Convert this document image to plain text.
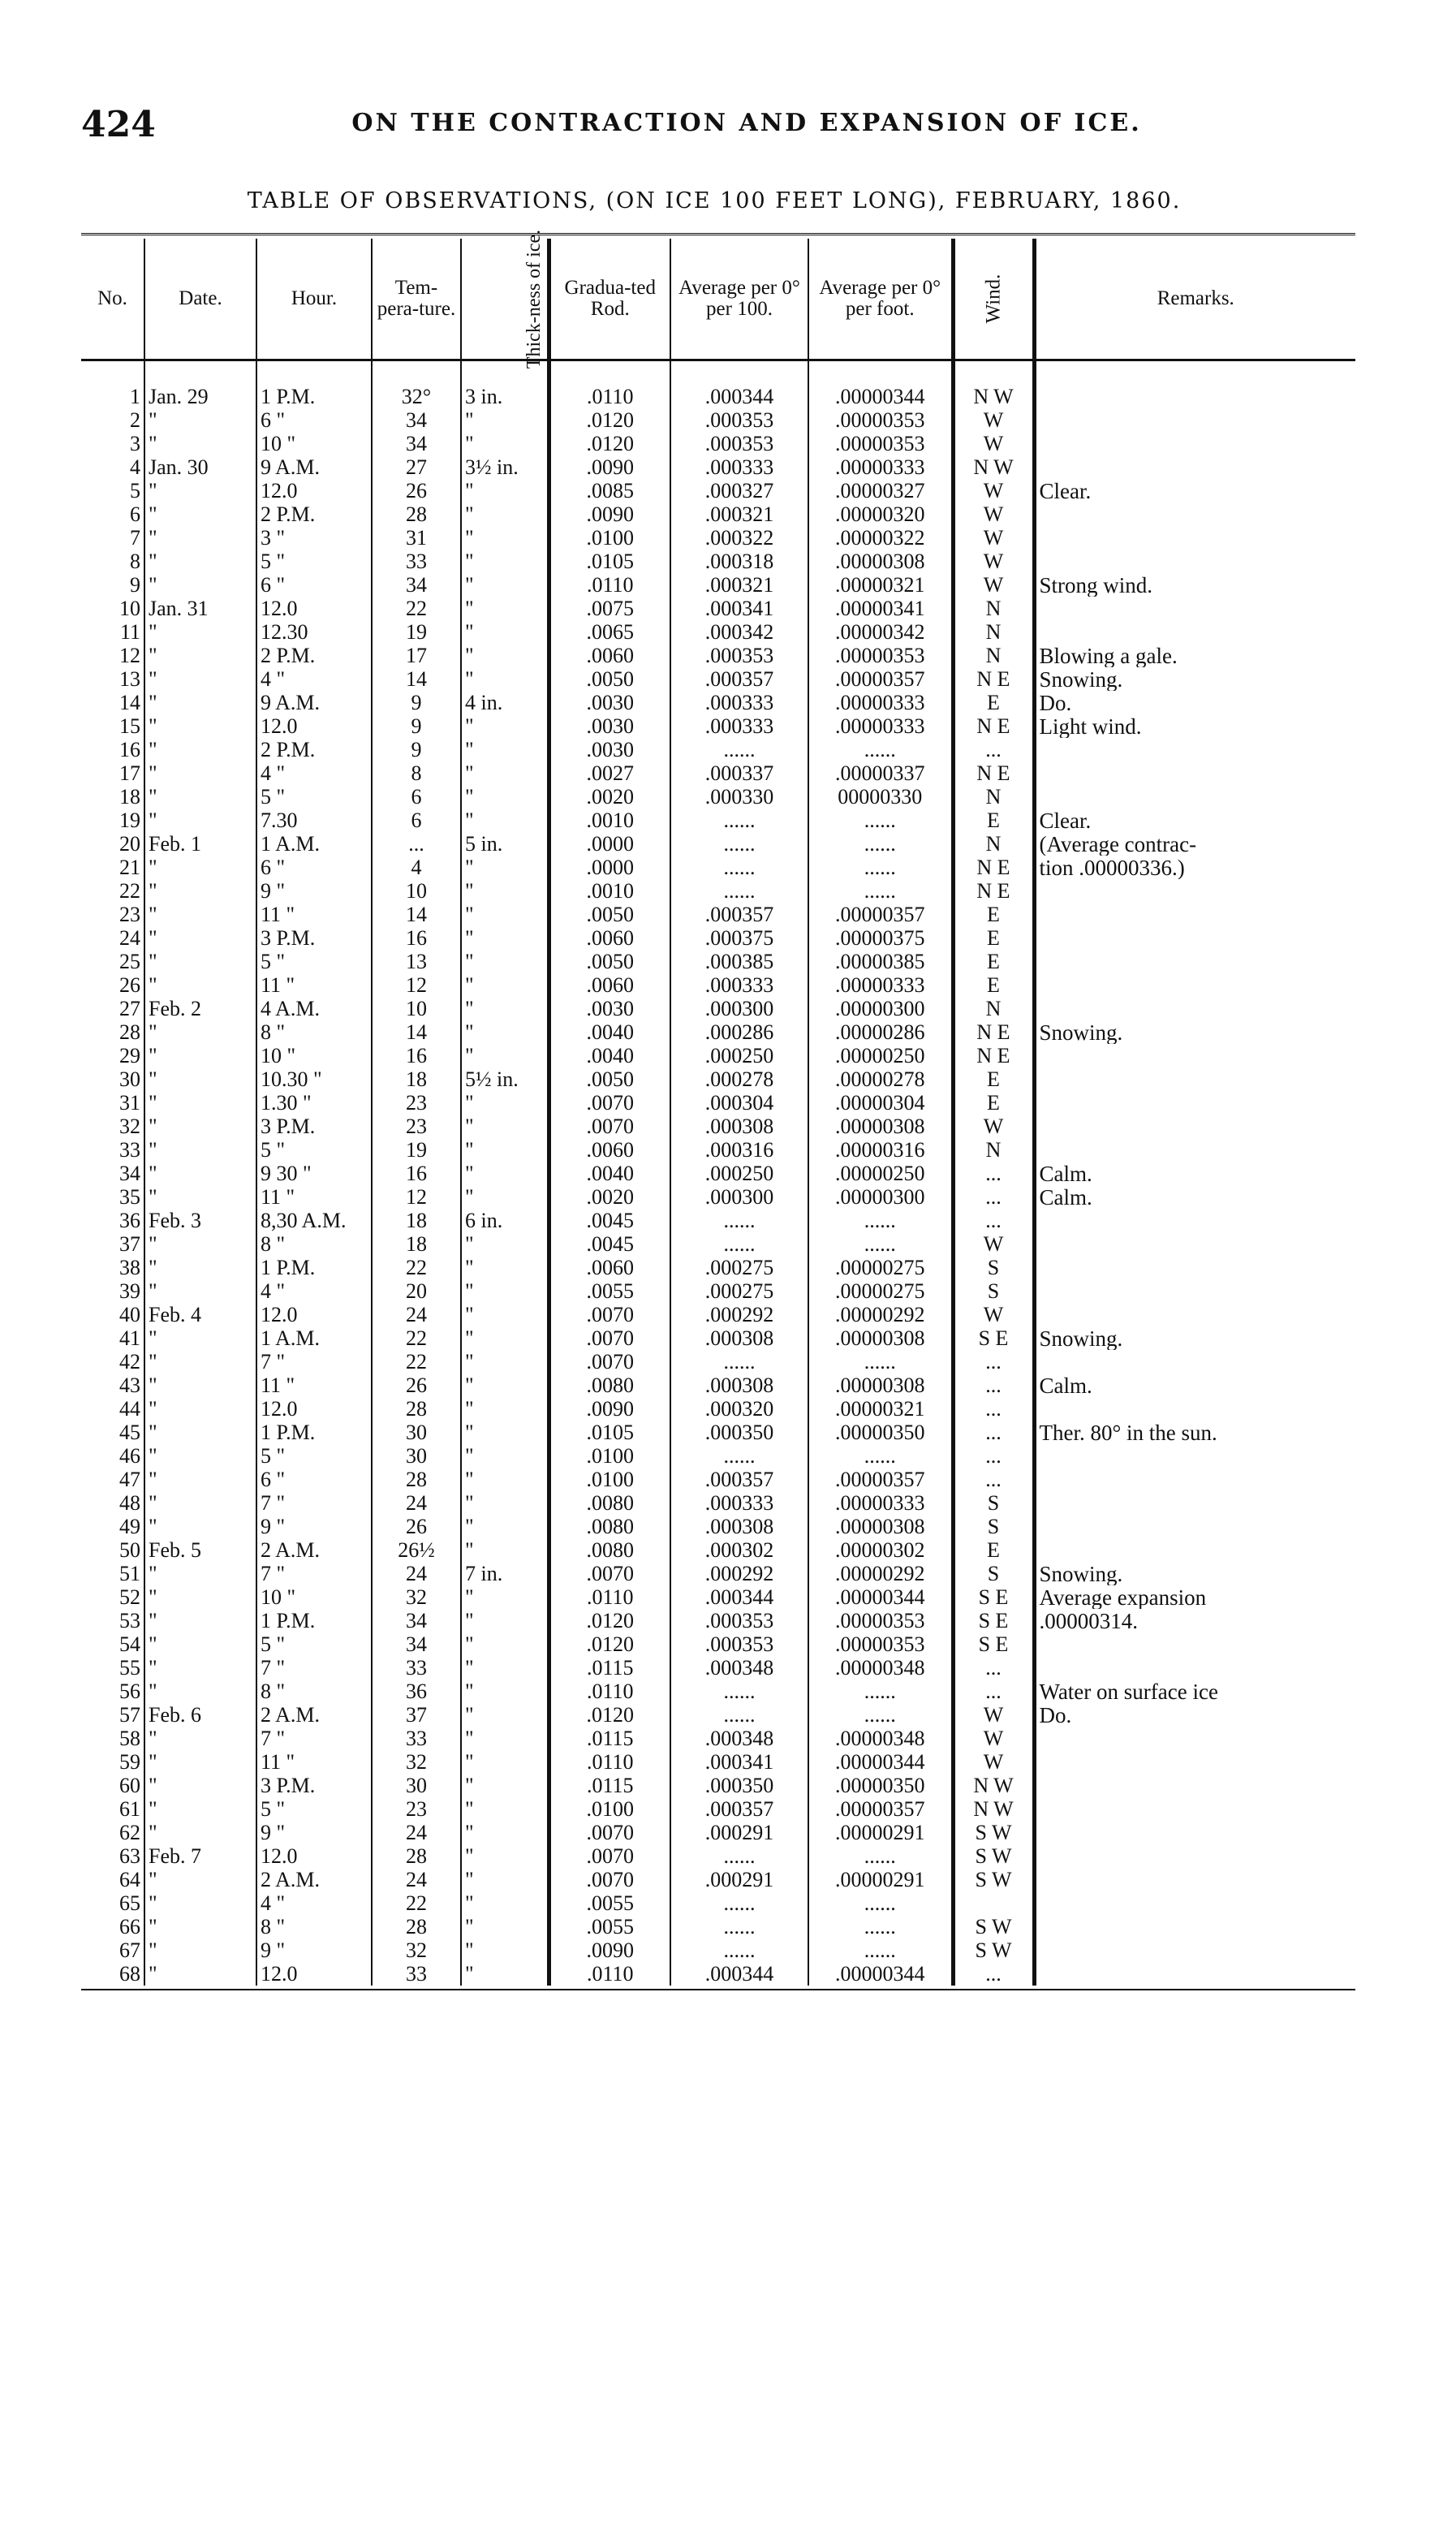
424	ON THE CONTRACTION AND EXPANSION OF ICE.
TABLE OF OBSERVATIONS, (ON ICE 100 FEET LONG), FEBRUARY, 1860.
No.	Date.	Hour.	Tem-pera-ture.	Thick-ness of ice.	Gradua-ted Rod.	Average per 0° per 100.	Average per 0° per foot.	Wind.	Remarks.

1	Jan. 29	1 P.M.	32°	3 in.	.0110	.000344	.00000344	N W	
2	"	6 "	34	"	.0120	.000353	.00000353	W	
3	"	10 "	34	"	.0120	.000353	.00000353	W	
4	Jan. 30	9 A.M.	27	3½ in.	.0090	.000333	.00000333	N W	
5	"	12.0	26	"	.0085	.000327	.00000327	W	Clear.
6	"	2 P.M.	28	"	.0090	.000321	.00000320	W	
7	"	3 "	31	"	.0100	.000322	.00000322	W	
8	"	5 "	33	"	.0105	.000318	.00000308	W	
9	"	6 "	34	"	.0110	.000321	.00000321	W	Strong wind.
10	Jan. 31	12.0	22	"	.0075	.000341	.00000341	N	
11	"	12.30	19	"	.0065	.000342	.00000342	N	
12	"	2 P.M.	17	"	.0060	.000353	.00000353	N	Blowing a gale.
13	"	4 "	14	"	.0050	.000357	.00000357	N E	Snowing.
14	"	9 A.M.	9	4 in.	.0030	.000333	.00000333	E	Do.
15	"	12.0	9	"	.0030	.000333	.00000333	N E	Light wind.
16	"	2 P.M.	9	"	.0030	......	......	...	
17	"	4 "	8	"	.0027	.000337	.00000337	N E	
18	"	5 "	6	"	.0020	.000330	00000330	N	
19	"	7.30	6	"	.0010	......	......	E	Clear.
20	Feb. 1	1 A.M.	...	5 in.	.0000	......	......	N	(Average contrac-
21	"	6 "	4	"	.0000	......	......	N E	tion .00000336.)
22	"	9 "	10	"	.0010	......	......	N E	
23	"	11 "	14	"	.0050	.000357	.00000357	E	
24	"	3 P.M.	16	"	.0060	.000375	.00000375	E	
25	"	5 "	13	"	.0050	.000385	.00000385	E	
26	"	11 "	12	"	.0060	.000333	.00000333	E	
27	Feb. 2	4 A.M.	10	"	.0030	.000300	.00000300	N	
28	"	8 "	14	"	.0040	.000286	.00000286	N E	Snowing.
29	"	10 "	16	"	.0040	.000250	.00000250	N E	
30	"	10.30 "	18	5½ in.	.0050	.000278	.00000278	E	
31	"	1.30 "	23	"	.0070	.000304	.00000304	E	
32	"	3 P.M.	23	"	.0070	.000308	.00000308	W	
33	"	5 "	19	"	.0060	.000316	.00000316	N	
34	"	9 30 "	16	"	.0040	.000250	.00000250	...	Calm.
35	"	11 "	12	"	.0020	.000300	.00000300	...	Calm.
36	Feb. 3	8,30 A.M.	18	6 in.	.0045	......	......	...	
37	"	8 "	18	"	.0045	......	......	W	
38	"	1 P.M.	22	"	.0060	.000275	.00000275	S	
39	"	4 "	20	"	.0055	.000275	.00000275	S	
40	Feb. 4	12.0	24	"	.0070	.000292	.00000292	W	
41	"	1 A.M.	22	"	.0070	.000308	.00000308	S E	Snowing.
42	"	7 "	22	"	.0070	......	......	...	
43	"	11 "	26	"	.0080	.000308	.00000308	...	Calm.
44	"	12.0	28	"	.0090	.000320	.00000321	...	
45	"	1 P.M.	30	"	.0105	.000350	.00000350	...	Ther. 80° in the sun.
46	"	5 "	30	"	.0100	......	......	...	
47	"	6 "	28	"	.0100	.000357	.00000357	...	
48	"	7 "	24	"	.0080	.000333	.00000333	S	
49	"	9 "	26	"	.0080	.000308	.00000308	S	
50	Feb. 5	2 A.M.	26½	"	.0080	.000302	.00000302	E	
51	"	7 "	24	7 in.	.0070	.000292	.00000292	S	Snowing.
52	"	10 "	32	"	.0110	.000344	.00000344	S E	Average expansion
53	"	1 P.M.	34	"	.0120	.000353	.00000353	S E	.00000314.
54	"	5 "	34	"	.0120	.000353	.00000353	S E	
55	"	7 "	33	"	.0115	.000348	.00000348	...	
56	"	8 "	36	"	.0110	......	......	...	Water on surface ice
57	Feb. 6	2 A.M.	37	"	.0120	......	......	W	Do.
58	"	7 "	33	"	.0115	.000348	.00000348	W	
59	"	11 "	32	"	.0110	.000341	.00000344	W	
60	"	3 P.M.	30	"	.0115	.000350	.00000350	N W	
61	"	5 "	23	"	.0100	.000357	.00000357	N W	
62	"	9 "	24	"	.0070	.000291	.00000291	S W	
63	Feb. 7	12.0	28	"	.0070	......	......	S W	
64	"	2 A.M.	24	"	.0070	.000291	.00000291	S W	
65	"	4 "	22	"	.0055	......	......		
66	"	8 "	28	"	.0055	......	......	S W	
67	"	9 "	32	"	.0090	......	......	S W	
68	"	12.0	33	"	.0110	.000344	.00000344	...	
